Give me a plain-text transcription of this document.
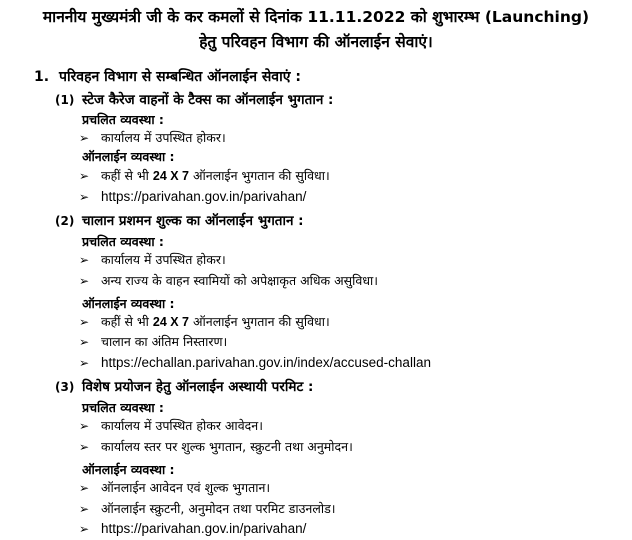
माननीय मुख्यमंत्री जी के कर कमलों से दिनांक 11.11.2022 को शुभारम्भ (Launching)
हेतु परिवहन विभाग की ऑनलाईन सेवाएं।
1. परिवहन विभाग से सम्बन्धित ऑनलाईन सेवाएं :
(1) स्टेज कैरेज वाहनों के टैक्स का ऑनलाईन भुगतान :
प्रचलित व्यवस्था :
➢ कार्यालय में उपस्थित होकर।
ऑनलाईन व्यवस्था :
➢ कहीं से भी 24 X 7 ऑनलाईन भुगतान की सुविधा।
➢ https://parivahan.gov.in/parivahan/
(2) चालान प्रशमन शुल्क का ऑनलाईन भुगतान :
प्रचलित व्यवस्था :
➢ कार्यालय में उपस्थित होकर।
➢ अन्य राज्य के वाहन स्वामियों को अपेक्षाकृत अधिक असुविधा।
ऑनलाईन व्यवस्था :
➢ कहीं से भी 24 X 7 ऑनलाईन भुगतान की सुविधा।
➢ चालान का अंतिम निस्तारण।
➢ https://echallan.parivahan.gov.in/index/accused-challan
(3) विशेष प्रयोजन हेतु ऑनलाईन अस्थायी परमिट :
प्रचलित व्यवस्था :
➢ कार्यालय में उपस्थित होकर आवेदन।
➢ कार्यालय स्तर पर शुल्क भुगतान, स्क्रुटनी तथा अनुमोदन।
ऑनलाईन व्यवस्था :
➢ ऑनलाईन आवेदन एवं शुल्क भुगतान।
➢ ऑनलाईन स्क्रुटनी, अनुमोदन तथा परमिट डाउनलोड।
➢ https://parivahan.gov.in/parivahan/
